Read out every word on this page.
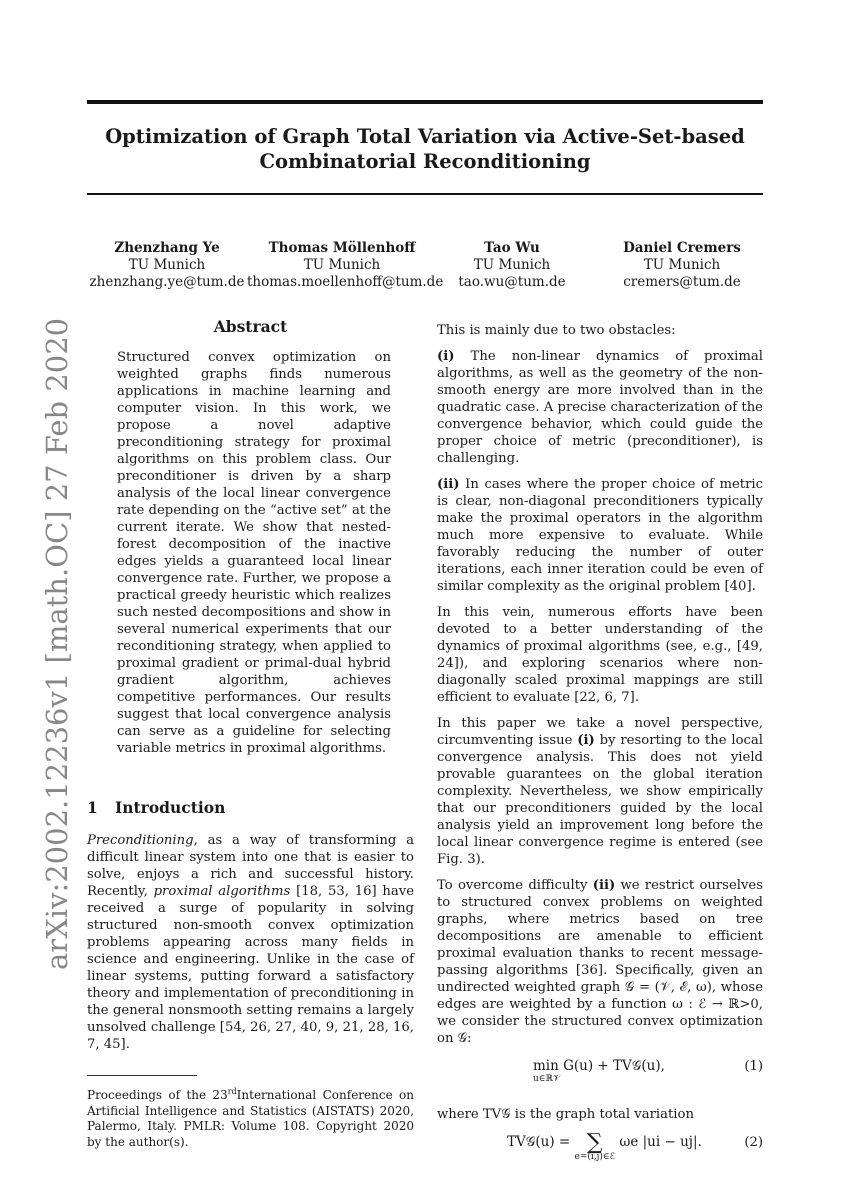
Optimization of Graph Total Variation via Active-Set-based
Combinatorial Reconditioning
arXiv:2002.12236v1 [math.OC] 27 Feb 2020
Zhenzhang Ye
TU Munich
zhenzhang.ye@tum.de
Thomas Möllenhoff
TU Munich
thomas.moellenhoff@tum.de
Tao Wu
TU Munich
tao.wu@tum.de
Daniel Cremers
TU Munich
cremers@tum.de
Abstract
Structured convex optimization on weighted graphs finds numerous applications in machine learning and computer vision. In this work, we propose a novel adaptive preconditioning strategy for proximal algorithms on this problem class. Our preconditioner is driven by a sharp analysis of the local linear convergence rate depending on the “active set” at the current iterate. We show that nested-forest decomposition of the inactive edges yields a guaranteed local linear convergence rate. Further, we propose a practical greedy heuristic which realizes such nested decompositions and show in several numerical experiments that our reconditioning strategy, when applied to proximal gradient or primal-dual hybrid gradient algorithm, achieves competitive performances. Our results suggest that local convergence analysis can serve as a guideline for selecting variable metrics in proximal algorithms.
1 Introduction
Preconditioning, as a way of transforming a difficult linear system into one that is easier to solve, enjoys a rich and successful history. Recently, proximal algorithms [18, 53, 16] have received a surge of popularity in solving structured non-smooth convex optimization problems appearing across many fields in science and engineering. Unlike in the case of linear systems, putting forward a satisfactory theory and implementation of preconditioning in the general nonsmooth setting remains a largely unsolved challenge [54, 26, 27, 40, 9, 21, 28, 16, 7, 45].
Proceedings of the 23rdInternational Conference on Artificial Intelligence and Statistics (AISTATS) 2020, Palermo, Italy. PMLR: Volume 108. Copyright 2020 by the author(s).

This is mainly due to two obstacles:

(i) The non-linear dynamics of proximal algorithms, as well as the geometry of the non-smooth energy are more involved than in the quadratic case. A precise characterization of the convergence behavior, which could guide the proper choice of metric (preconditioner), is challenging.

(ii) In cases where the proper choice of metric is clear, non-diagonal preconditioners typically make the proximal operators in the algorithm much more expensive to evaluate. While favorably reducing the number of outer iterations, each inner iteration could be even of similar complexity as the original problem [40].

In this vein, numerous efforts have been devoted to a better understanding of the dynamics of proximal algorithms (see, e.g., [49, 24]), and exploring scenarios where non-diagonally scaled proximal mappings are still efficient to evaluate [22, 6, 7].

In this paper we take a novel perspective, circumventing issue (i) by resorting to the local convergence analysis. This does not yield provable guarantees on the global iteration complexity. Nevertheless, we show empirically that our preconditioners guided by the local analysis yield an improvement long before the local linear convergence regime is entered (see Fig. 3).

To overcome difficulty (ii) we restrict ourselves to structured convex problems on weighted graphs, where metrics based on tree decompositions are amenable to efficient proximal evaluation thanks to recent message-passing algorithms [36]. Specifically, given an undirected weighted graph 𝒢 = (𝒱, ℰ, ω), whose edges are weighted by a function ω : ℰ → ℝ>0, we consider the structured convex optimization on 𝒢:

min G(u) + TV𝒢(u),
u∈ℝ𝒱
(1)

where TV𝒢 is the graph total variation

TV𝒢(u) = ∑
e=(i,j)∈ℰ
ωe |ui − uj|.	(2)
